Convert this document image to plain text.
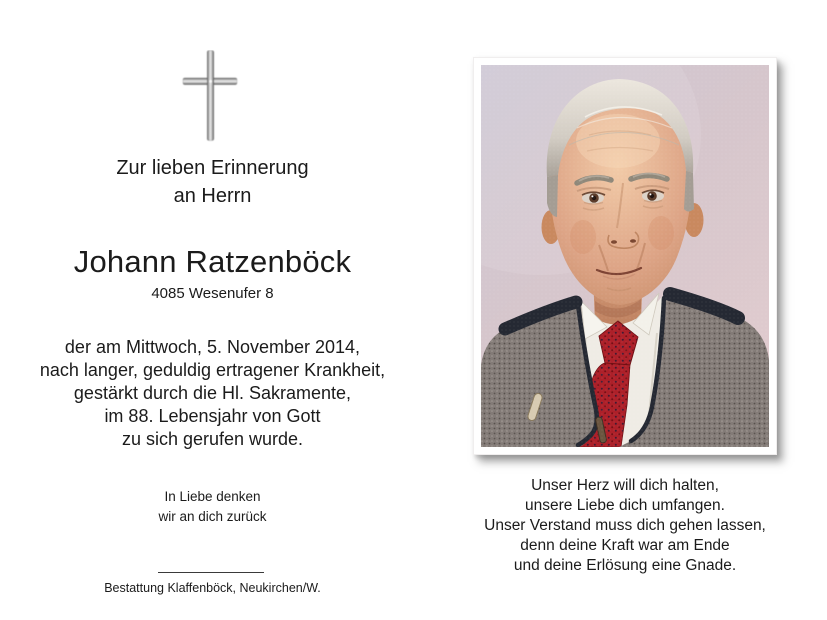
Zur lieben Erinnerung
an Herrn
Johann Ratzenböck
4085 Wesenufer 8
der am Mittwoch, 5. November 2014,
nach langer, geduldig ertragener Krankheit,
gestärkt durch die Hl. Sakramente,
im 88. Lebensjahr von Gott
zu sich gerufen wurde.
In Liebe denken
wir an dich zurück
Bestattung Klaffenböck, Neukirchen/W.
Unser Herz will dich halten,
unsere Liebe dich umfangen.
Unser Verstand muss dich gehen lassen,
denn deine Kraft war am Ende
und deine Erlösung eine Gnade.
